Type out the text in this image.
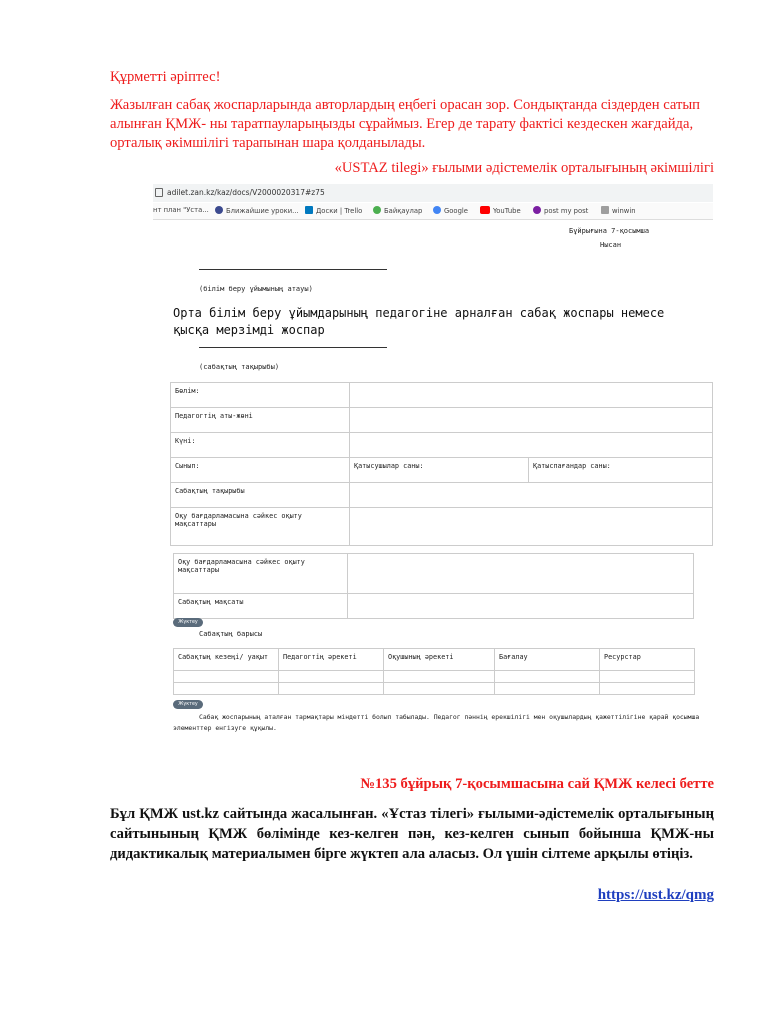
Құрметті әріптес!

Жазылған сабақ жоспарларында авторлардың еңбегі орасан зор. Сондықтанда сіздерден сатып алынған ҚМЖ- ны таратпауларыңызды сұраймыз. Егер де тарату фактісі кездескен жағдайда, орталық әкімшілігі тарапынан шара қолданылады.

«USTAZ tilegi» ғылыми әдістемелік орталығының әкімшілігі

adilet.zan.kz/kaz/docs/V2000020317#z75
нт план "Уста...	Ближайшие уроки...	Доски | Trello	Байқаулар	Google	YouTube	post my post	winwin
Бұйрығына 7-қосымша
Нысан
(білім беру ұйымының атауы)
Орта білім беру ұйымдарының педагогіне арналған сабақ жоспары немесе қысқа мерзімді жоспар
(сабақтың тақырыбы)
Бөлім:		
Педагогтің аты-жөні		
Күні:		
Сынып:	Қатысушылар саны:	Қатыспағандар саны:
Сабақтың тақырыбы		
Оқу бағдарламасына сәйкес оқыту мақсаттары		
Оқу бағдарламасына сәйкес оқыту мақсаттары	
Сабақтың мақсаты	
Жүктеу
Сабақтың барысы
Сабақтың кезеңі/ уақыт	Педагогтің әрекеті	Оқушының әрекеті	Бағалау	Ресурстар

Жүктеу
Сабақ жоспарының аталған тармақтары міндетті болып табылады. Педагог пәннің ерекшілігі мен оқушылардың қажеттілігіне қарай қосымша элементтер енгізуге құқылы.

№135 бұйрық 7-қосымшасына сай ҚМЖ келесі бетте

Бұл ҚМЖ ust.kz сайтында жасалынған. «Ұстаз тілегі» ғылыми-әдістемелік орталығының сайтынының ҚМЖ бөлімінде кез-келген пән, кез-келген сынып бойынша ҚМЖ-ны дидактикалық материалымен бірге жүктеп ала аласыз. Ол үшін сілтеме арқылы өтіңіз.

https://ust.kz/qmg
